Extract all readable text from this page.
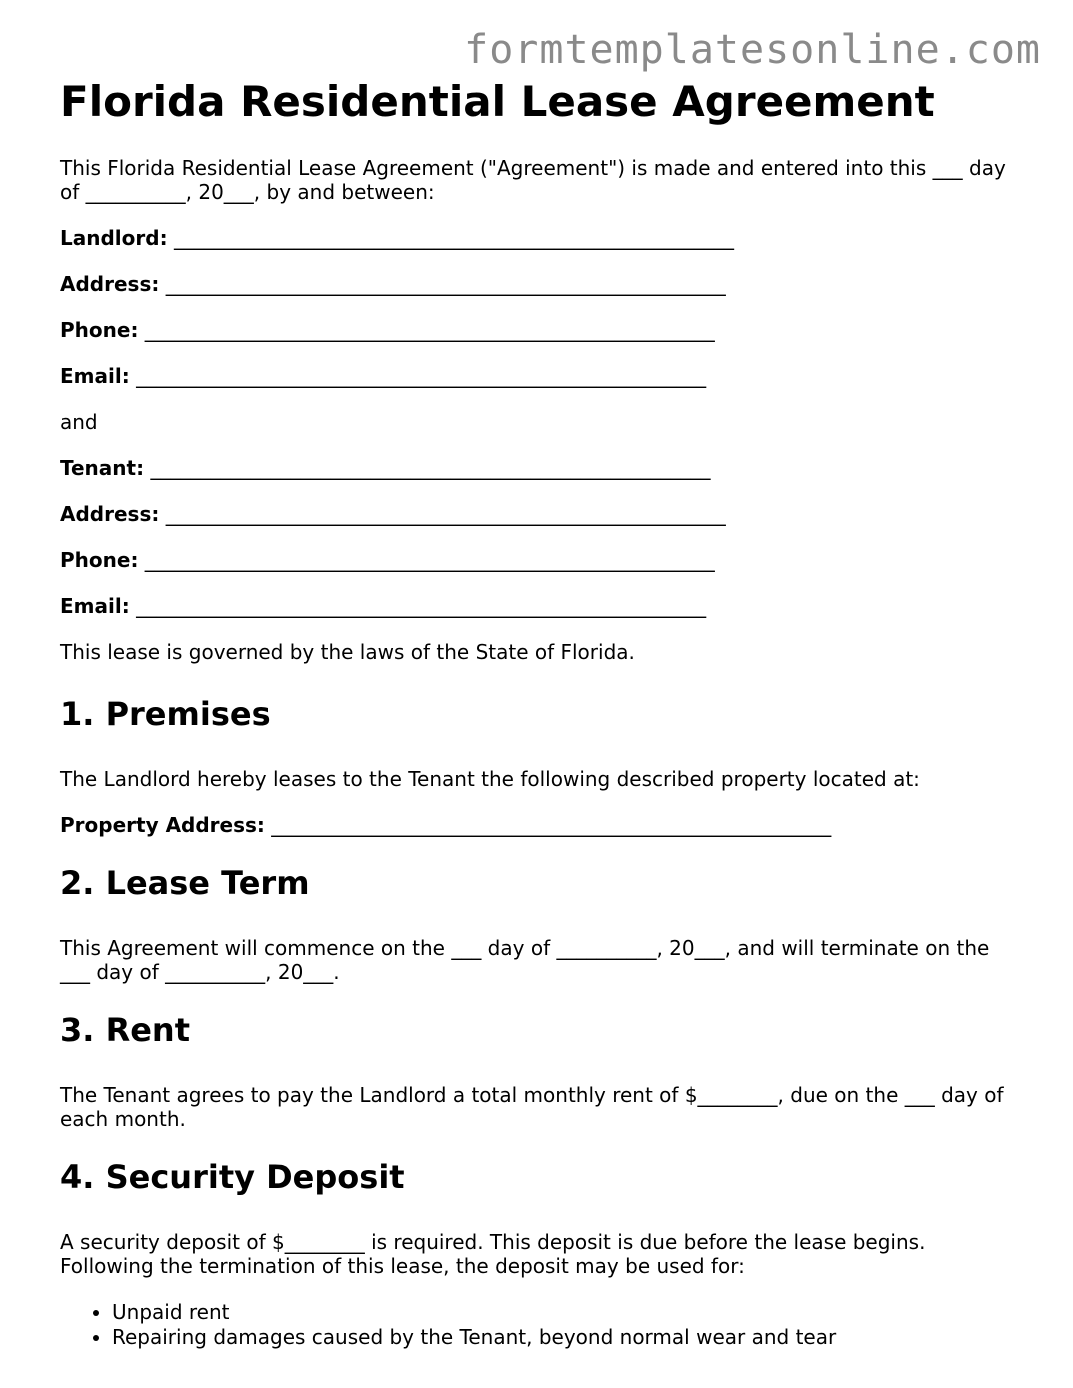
formtemplatesonline.com
Florida Residential Lease Agreement

This Florida Residential Lease Agreement ("Agreement") is made and entered into this ___ day of __________, 20___, by and between:

Landlord: ________________________________________________________
Address: ________________________________________________________
Phone: _________________________________________________________
Email: _________________________________________________________

and

Tenant: ________________________________________________________
Address: ________________________________________________________
Phone: _________________________________________________________
Email: _________________________________________________________

This lease is governed by the laws of the State of Florida.

1. Premises

The Landlord hereby leases to the Tenant the following described property located at:

Property Address: ________________________________________________________
2. Lease Term

This Agreement will commence on the ___ day of __________, 20___, and will terminate on the ___ day of __________, 20___.

3. Rent

The Tenant agrees to pay the Landlord a total monthly rent of $________, due on the ___ day of each month.

4. Security Deposit

A security deposit of $________ is required. This deposit is due before the lease begins. Following the termination of this lease, the deposit may be used for:

• Unpaid rent
• Repairing damages caused by the Tenant, beyond normal wear and tear
